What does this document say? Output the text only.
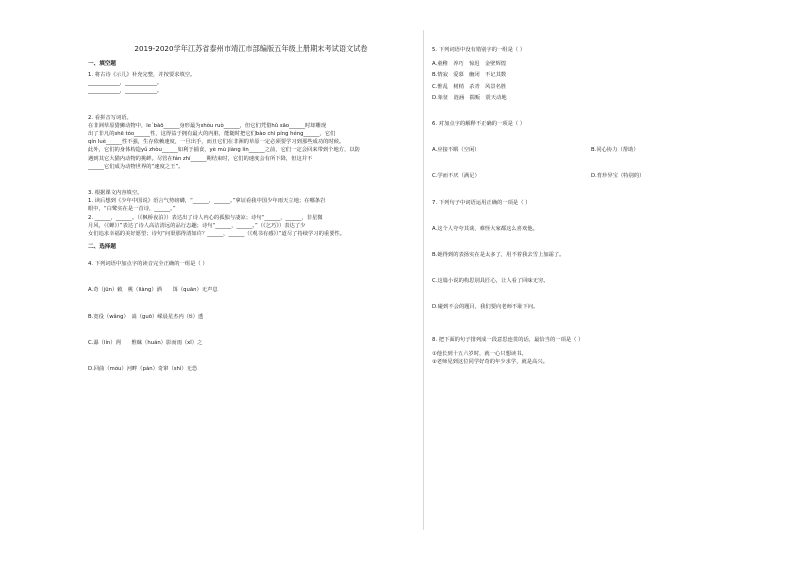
2019-2020学年江苏省泰州市靖江市部编版五年级上册期末考试语文试卷
一、填空题
1. 将古诗《示儿》补充完整，并按要求填空。
____________，____________。
____________，____________。
2. 看拼音写词语。
在非洲草原猎狮动物中，leˊbàō______身形最为shòu ruò______，但它们凭借hǔ sāo______时却雕现
出了非凡的shē tóo______性，这得益于拥有最大的内脏，能随时把它们bào chì píng héng______，它们
qín luè______性不强，生存依赖速度，一旦出手，而且它们在非洲的草原一定必须要学习到那些成功的时候。
此外，它们的身体构造yǔ zhòu______如利于捕食，yè mù jiàng lín______之前，它们一定会回来带到个地方，以防
遇到其它大猫内动物的挑衅。尽管在fán zhí______期结束时，它们的速度会有所下降，但这并不
______它们成为动物世界的“速度之王”。
3. 根据课文内容填空。
1. 读后想到《少年中国说》语言气势磅礴，“______，______。”拿证看我中国少年雨天立地；在哪条岩
眼中，“白鹭实在是一首诗，______。”
2. ______，______。（《枫桥夜泊》）表达出了诗人内心的孤独与凄凉；诗句“______，______，非星微
月风，（《蝉》）”表达了诗人高洁清远的品行志趣；诗句“______，______。”（《乞巧》）表达了少
女们追求幸福的美好愿望；诗句“问渠那得清如许？______，______（《观书有感》）”道尽了持续学习的重要性。
二、选择题
4. 下列词语中加点字的读音完全正确的一组是（ ）
A.奇（jūn）敕　桃（liàng）酒　　饵（quān）无声息
B.宽役（wǎng）　嵩（guō）嵘晨星杰内（tì）透
C.瀑（lín）洌　　惟睐（huán）影而雨（xǐ）之
D.回曲（móu）河畔（pàn）奇窜（shì）无恐
5. 下列词语中没有错别字的一组是（ ）
A.童稚　养巧　惊迟　金壁辉煌
B.情寂　爱慕　幽闭　不记其数
C.惟乱　树梢　杀青　风景名胜
D.象征　涟涵　揣贩　震天动地
6. 对加点字的解释不正确的一项是（ ）
A.应接不暇（空闲）	B.同心协力（帮助）
C.学而不厌（满足）	D.育珍异宝（特别的）
7. 下列句子中词语运用正确的一项是（ ）
A.这个人夸夸其谈，难怪大家都这么喜欢他。
B.她得到的表扬实在是太多了，用不着我去雪上加霜了。
C.这篇小说的构思别具匠心，让人看了回味无穷。
D.碰到不会的题目，我们要向老师不耻下问。
8. 把下面的句子排列成一段意思连贯的话，最恰当的一项是（ ）
①他长到十五六岁时，就一心只想读书。
②老师见到这位同学好奇的年少求学，就是高兴。
